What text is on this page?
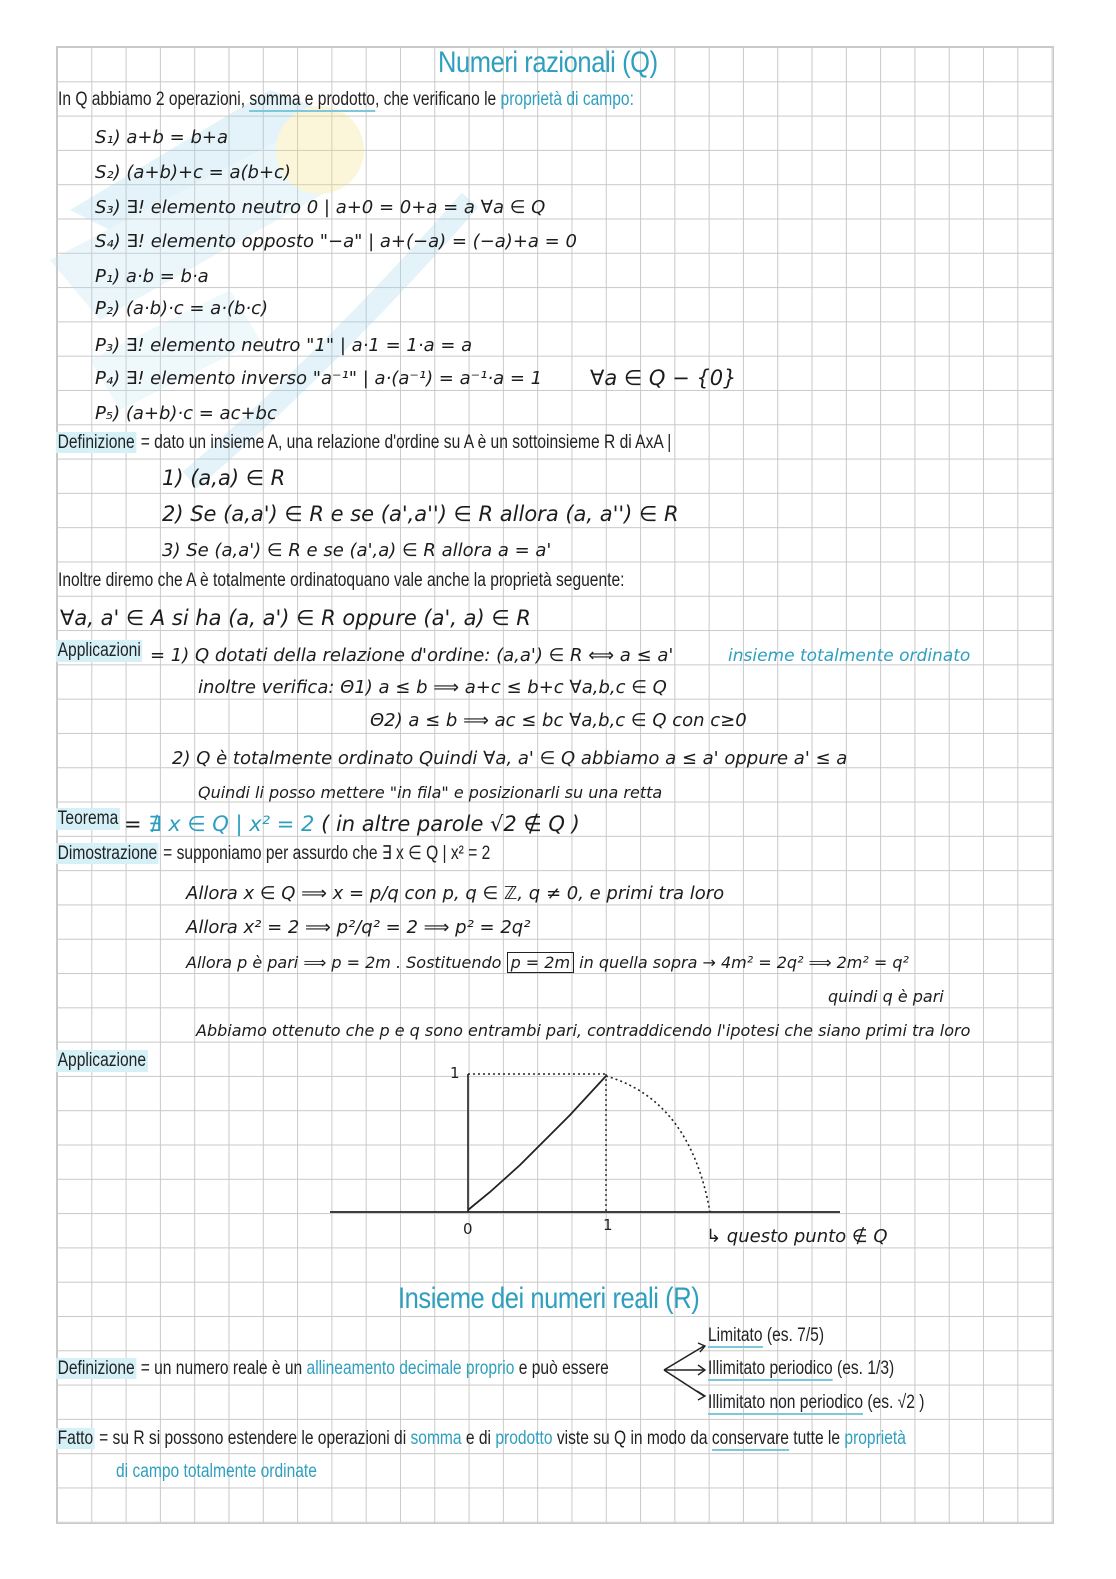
Numeri razionali (Q)
In Q abbiamo 2 operazioni, somma e prodotto, che verificano le proprietà di campo:
S₁) a+b = b+a
S₂) (a+b)+c = a(b+c)
S₃) ∃! elemento neutro 0 | a+0 = 0+a = a ∀a ∈ Q
S₄) ∃! elemento opposto "−a" | a+(−a) = (−a)+a = 0
P₁) a·b = b·a
P₂) (a·b)·c = a·(b·c)
P₃) ∃! elemento neutro "1" | a·1 = 1·a = a
P₄) ∃! elemento inverso "a⁻¹" | a·(a⁻¹) = a⁻¹·a = 1 ∀a ∈ Q − {0}
P₅) (a+b)·c = ac+bc
Definizione = dato un insieme A, una relazione d'ordine su A è un sottoinsieme R di AxA |
1) (a,a) ∈ R
2) Se (a,a') ∈ R e se (a',a'') ∈ R allora (a, a'') ∈ R
3) Se (a,a') ∈ R e se (a',a) ∈ R allora a = a'
Inoltre diremo che A è totalmente ordinatoquano vale anche la proprietà seguente:
∀a, a' ∈ A si ha (a, a') ∈ R oppure (a', a) ∈ R
Applicazioni = 1) Q dotati della relazione d'ordine: (a,a') ∈ R ⟺ a ≤ a'	insieme totalmente ordinato
inoltre verifica: Θ1) a ≤ b ⟹ a+c ≤ b+c ∀a,b,c ∈ Q
Θ2) a ≤ b ⟹ ac ≤ bc ∀a,b,c ∈ Q con c≥0
2) Q è totalmente ordinato Quindi ∀a, a' ∈ Q abbiamo a ≤ a' oppure a' ≤ a
Quindi li posso mettere "in fila" e posizionarli su una retta
Teorema = ∄ x ∈ Q | x² = 2 ( in altre parole √2 ∉ Q )
Dimostrazione = supponiamo per assurdo che ∃ x ∈ Q | x² = 2
Allora x ∈ Q ⟹ x = p/q con p, q ∈ ℤ, q ≠ 0, e primi tra loro
Allora x² = 2 ⟹ p²/q² = 2 ⟹ p² = 2q²
Allora p è pari ⟹ p = 2m . Sostituendo p = 2m in quella sopra → 4m² = 2q² ⟹ 2m² = q²
quindi q è pari
Abbiamo ottenuto che p e q sono entrambi pari, contraddicendo l'ipotesi che siano primi tra loro
Applicazione
1
0	1
↳ questo punto ∉ Q
Insieme dei numeri reali (R)
Definizione = un numero reale è un allineamento decimale proprio e può essere
Limitato (es. 7/5)
Illimitato periodico (es. 1/3)
Illimitato non periodico (es. √2 )
Fatto = su R si possono estendere le operazioni di somma e di prodotto viste su Q in modo da conservare tutte le proprietà
di campo totalmente ordinate
